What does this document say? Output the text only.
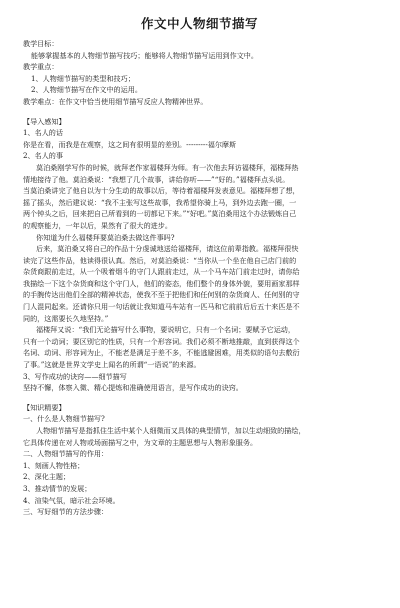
作文中人物细节描写
教学目标：
能够掌握基本的人物细节描写技巧；能够将人物细节描写运用到作文中。
教学重点：
1、人物细节描写的类型和技巧；
2、人物细节描写在作文中的运用。
教学难点：在作文中恰当使用细节描写反应人物精神世界。
【导入感知】
1、名人的话
你是在看，而我是在观察，这之间有很明显的差别。---------福尔摩斯
2、名人的事
莫泊桑刚学写作的时候，就拜老作家福楼拜为师。有一次他去拜访福楼拜，福楼拜热
情地接待了他。莫泊桑说：“我想了几个故事，讲给你听——”“好的。”福楼拜点头说。
当莫泊桑讲完了他自以为十分生动的故事以后，等待着福楼拜发表意见。福楼拜想了想，
摇了摇头，然后建议说：“我不主张写这些故事，我希望你骑上马，到外边去跑一圈，一
两个钟头之后，回来把自己所看到的一切都记下来。”“好吧。”莫泊桑用这个办法锻炼自己
的观察能力，一年以后，果然有了很大的进步。
你知道为什么福楼拜要莫泊桑去做这件事吗?
后来，莫泊桑又将自己的作品十分虔诚地送给福楼拜，请这位前辈指教。福楼拜很快
读完了这些作品，他读得很认真。然后，对莫泊桑说：“当你从一个坐在他自己店门前的
杂货商跟前走过，从一个吸着烟斗的守门人跟前走过，从一个马车站门前走过时，请你给
我描绘一下这个杂货商和这个守门人，他们的姿态，他们整个的身体外貌，要用画家那样
的手腕传达出他们全部的精神状态，使我不至于把他们和任何别的杂货商人、任何别的守
门人混同起来。还请你只用一句话就让我知道马车站有一匹马和它前前后后五十来匹是不
同的，这需要长久地坚持。”
福楼拜又说：“我们无论描写什么事物，要说明它，只有一个名词；要赋予它运动，
只有一个动词；要区别它的性质，只有一个形容词。我们必须不断地推敲，直到获得这个
名词、动词、形容词为止，不能老是满足于差不多，不能逃避困难，用类似的语句去敷衍
了事。”这就是世界文学史上闻名的所谓“一语说”的来源。
3、写作成功的诀窍——细节描写
坚持不懈，体察入微、精心提炼和准确使用语言，是写作成功的诀窍。
【知识精要】
一、什么是人物细节描写?
人物细节描写是指抓住生活中某个人细微而又具体的典型情节，加以生动细致的描绘，
它具体传递在对人物或场面描写之中，为文章的主题思想与人物形象服务。
二、人物细节描写的作用：
1、刻画人物性格；
2、深化主题；
3、推动情节的发展；
4、渲染气氛，暗示社会环境。
三、写好细节的方法步骤：
